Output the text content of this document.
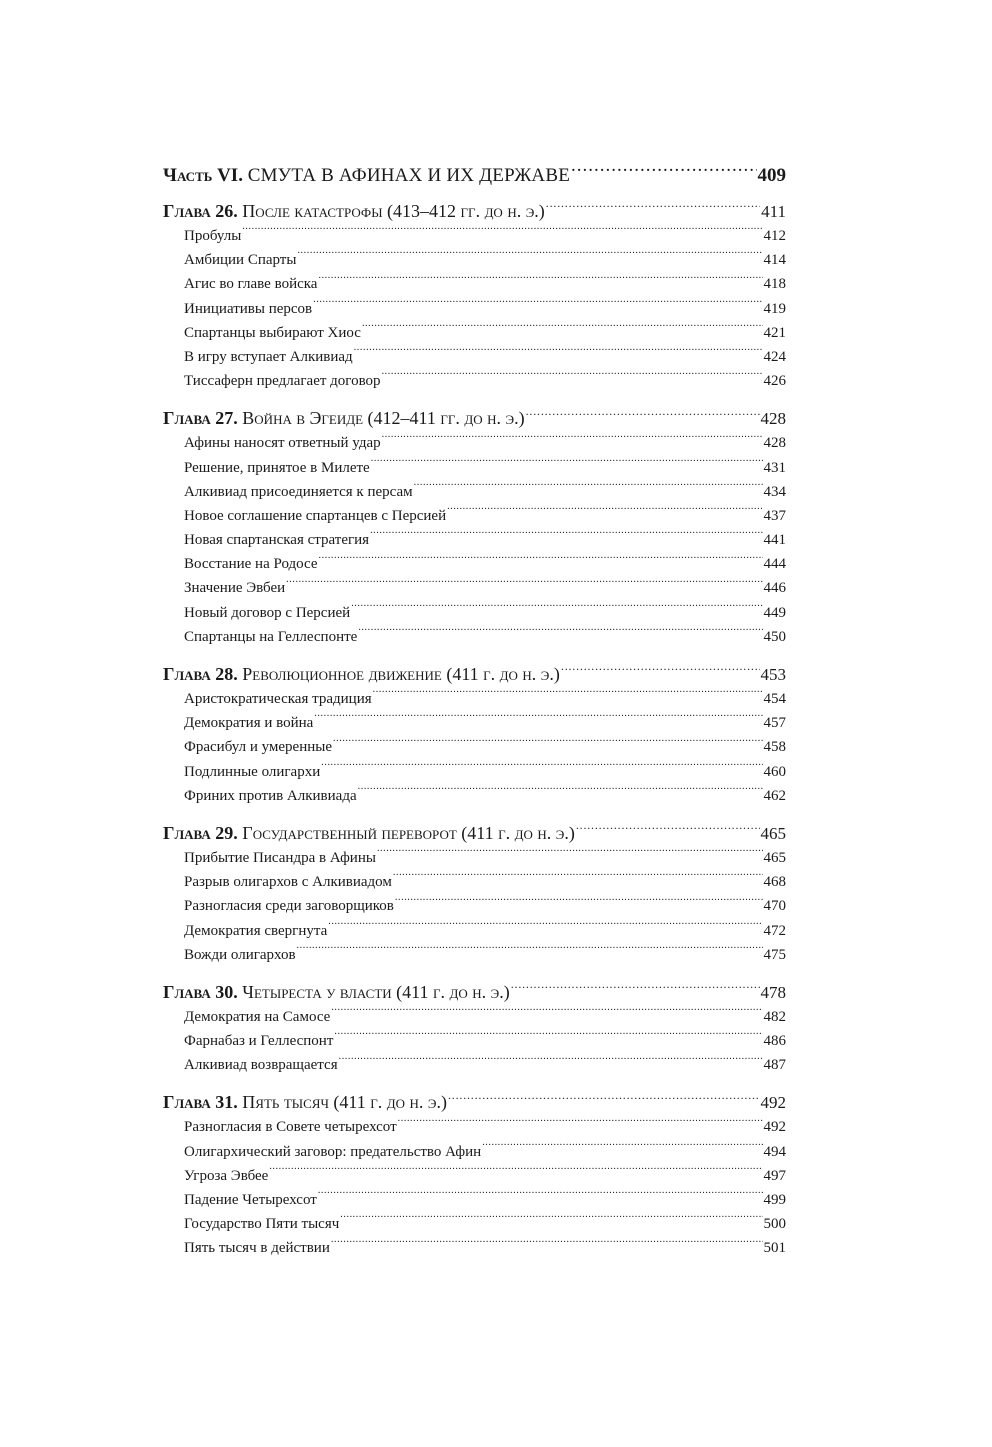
Часть VI. СМУТА В АФИНАХ И ИХ ДЕРЖАВЕ .....	409
Глава 26. После катастрофы (413–412 гг. до н. э.) .....	411
Пробулы .....	412
Амбиции Спарты .....	414
Агис во главе войска .....	418
Инициативы персов .....	419
Спартанцы выбирают Хиос .....	421
В игру вступает Алкивиад .....	424
Тиссаферн предлагает договор .....	426
Глава 27. Война в Эгеиде (412–411 гг. до н. э.) .....	428
Афины наносят ответный удар .....	428
Решение, принятое в Милете .....	431
Алкивиад присоединяется к персам .....	434
Новое соглашение спартанцев с Персией .....	437
Новая спартанская стратегия .....	441
Восстание на Родосе .....	444
Значение Эвбеи .....	446
Новый договор с Персией .....	449
Спартанцы на Геллеспонте .....	450
Глава 28. Революционное движение (411 г. до н. э.) .....	453
Аристократическая традиция .....	454
Демократия и война .....	457
Фрасибул и умеренные .....	458
Подлинные олигархи .....	460
Фриних против Алкивиада .....	462
Глава 29. Государственный переворот (411 г. до н. э.) .....	465
Прибытие Писандра в Афины .....	465
Разрыв олигархов с Алкивиадом .....	468
Разногласия среди заговорщиков .....	470
Демократия свергнута .....	472
Вожди олигархов .....	475
Глава 30. Четыреста у власти (411 г. до н. э.) .....	478
Демократия на Самосе .....	482
Фарнабаз и Геллеспонт .....	486
Алкивиад возвращается .....	487
Глава 31. Пять тысяч (411 г. до н. э.) .....	492
Разногласия в Совете четырехсот .....	492
Олигархический заговор: предательство Афин .....	494
Угроза Эвбее .....	497
Падение Четырехсот .....	499
Государство Пяти тысяч .....	500
Пять тысяч в действии .....	501
